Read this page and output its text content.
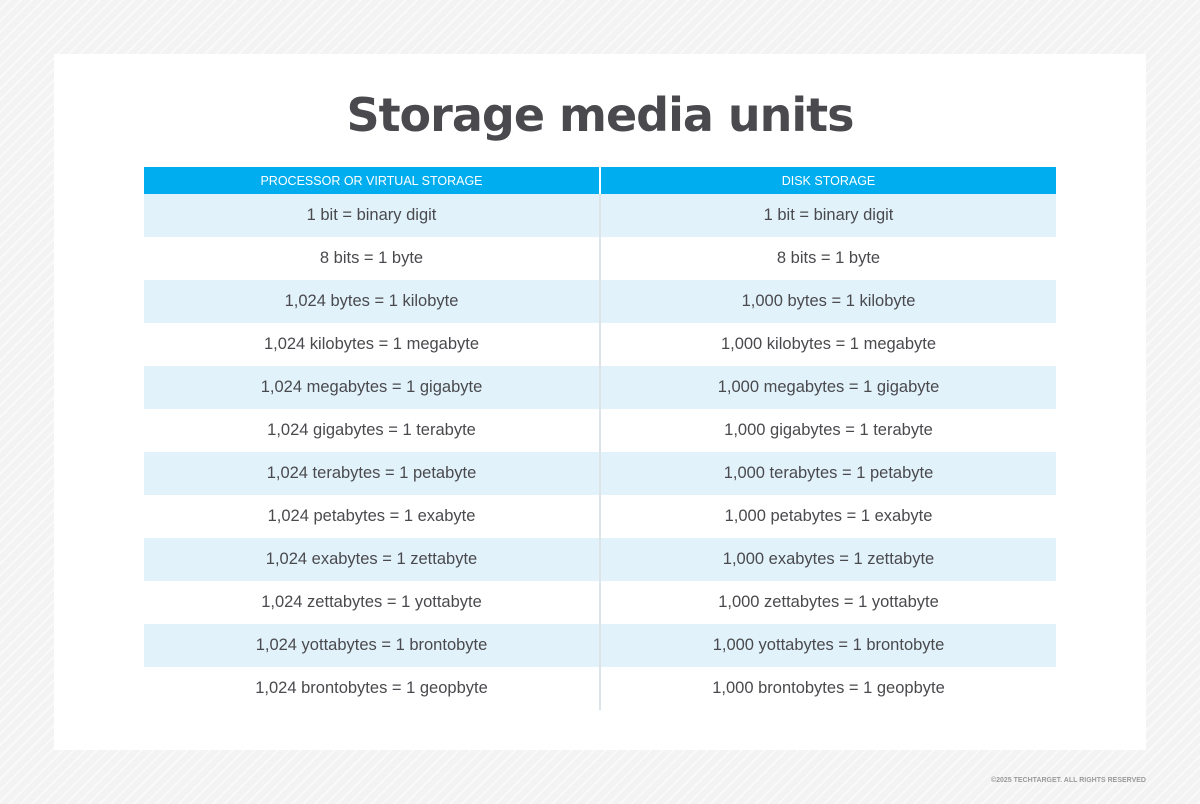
Storage media units
PROCESSOR OR VIRTUAL STORAGE	DISK STORAGE
1 bit = binary digit	1 bit = binary digit
8 bits = 1 byte	8 bits = 1 byte
1,024 bytes = 1 kilobyte	1,000 bytes = 1 kilobyte
1,024 kilobytes = 1 megabyte	1,000 kilobytes = 1 megabyte
1,024 megabytes = 1 gigabyte	1,000 megabytes = 1 gigabyte
1,024 gigabytes = 1 terabyte	1,000 gigabytes = 1 terabyte
1,024 terabytes = 1 petabyte	1,000 terabytes = 1 petabyte
1,024 petabytes = 1 exabyte	1,000 petabytes = 1 exabyte
1,024 exabytes = 1 zettabyte	1,000 exabytes = 1 zettabyte
1,024 zettabytes = 1 yottabyte	1,000 zettabytes = 1 yottabyte
1,024 yottabytes = 1 brontobyte	1,000 yottabytes = 1 brontobyte
1,024 brontobytes = 1 geopbyte	1,000 brontobytes = 1 geopbyte
©2025 TECHTARGET. ALL RIGHTS RESERVED
